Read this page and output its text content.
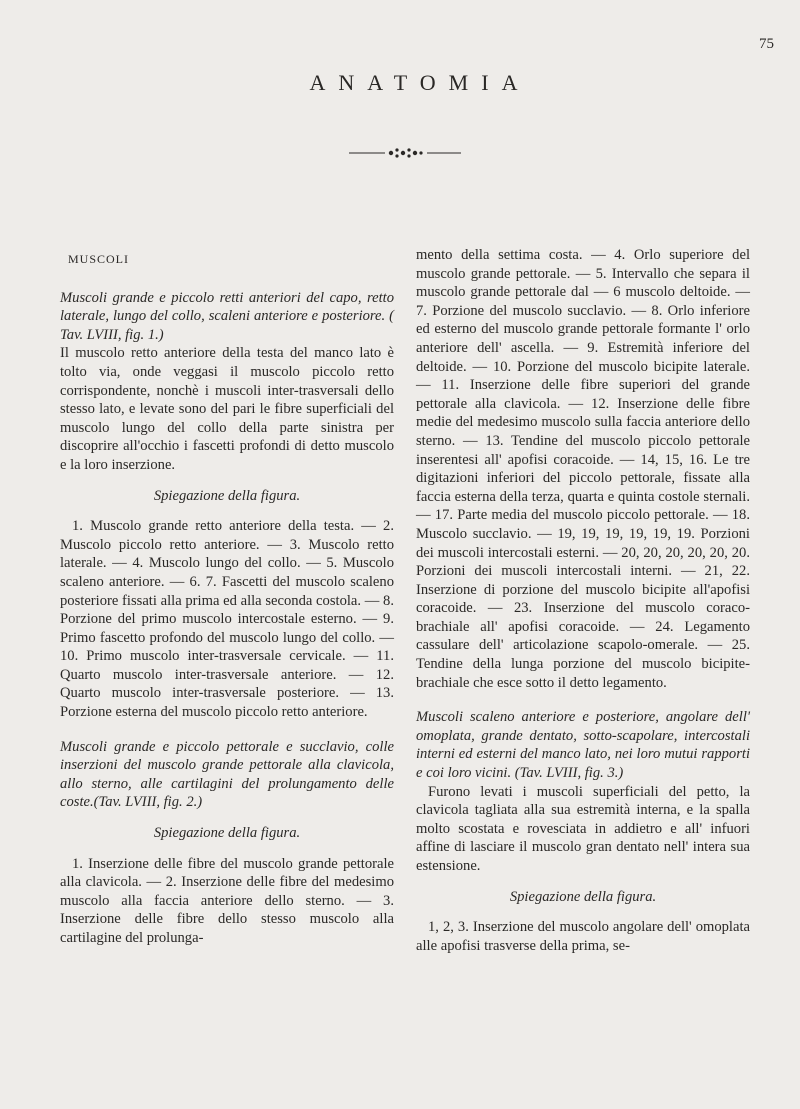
75
ANATOMIA

MUSCOLI

Muscoli grande e piccolo retti anteriori del capo, retto laterale, lungo del collo, scaleni anteriore e posteriore. ( Tav. LVIII, fig. 1.)

Il muscolo retto anteriore della testa del manco lato è tolto via, onde veggasi il muscolo piccolo retto corrispondente, nonchè i muscoli inter-trasversali dello stesso lato, e levate sono del pari le fibre superficiali del muscolo lungo del collo della parte sinistra per discoprire all'occhio i fascetti profondi di detto muscolo e la loro inserzione.

Spiegazione della figura.

1. Muscolo grande retto anteriore della testa. — 2. Muscolo piccolo retto anteriore. — 3. Muscolo retto laterale. — 4. Muscolo lungo del collo. — 5. Muscolo scaleno anteriore. — 6. 7. Fascetti del muscolo scaleno posteriore fissati alla prima ed alla seconda costola. — 8. Porzione del primo muscolo intercostale esterno. — 9. Primo fascetto profondo del muscolo lungo del collo. — 10. Primo muscolo inter-trasversale cervicale. — 11. Quarto muscolo inter-trasversale anteriore. — 12. Quarto muscolo inter-trasversale posteriore. — 13. Porzione esterna del muscolo piccolo retto anteriore.

Muscoli grande e piccolo pettorale e succlavio, colle inserzioni del muscolo grande pettorale alla clavicola, allo sterno, alle cartilagini del prolungamento delle coste.(Tav. LVIII, fig. 2.)

Spiegazione della figura.

1. Inserzione delle fibre del muscolo grande pettorale alla clavicola. — 2. Inserzione delle fibre del medesimo muscolo alla faccia anteriore dello sterno. — 3. Inserzione delle fibre dello stesso muscolo alla cartilagine del prolunga-

mento della settima costa. — 4. Orlo superiore del muscolo grande pettorale. — 5. Intervallo che separa il muscolo grande pettorale dal — 6 muscolo deltoide. — 7. Porzione del muscolo succlavio. — 8. Orlo inferiore ed esterno del muscolo grande pettorale formante l' orlo anteriore dell' ascella. — 9. Estremità inferiore del deltoide. — 10. Porzione del muscolo bicipite laterale. — 11. Inserzione delle fibre superiori del grande pettorale alla clavicola. — 12. Inserzione delle fibre medie del medesimo muscolo sulla faccia anteriore dello sterno. — 13. Tendine del muscolo piccolo pettorale inserentesi all' apofisi coracoide. — 14, 15, 16. Le tre digitazioni inferiori del piccolo pettorale, fissate alla faccia esterna della terza, quarta e quinta costole sternali. — 17. Parte media del muscolo piccolo pettorale. — 18. Muscolo succlavio. — 19, 19, 19, 19, 19, 19. Porzioni dei muscoli intercostali esterni. — 20, 20, 20, 20, 20, 20. Porzioni dei muscoli intercostali interni. — 21, 22. Inserzione di porzione del muscolo bicipite all'apofisi coracoide. — 23. Inserzione del muscolo coraco-brachiale all' apofisi coracoide. — 24. Legamento cassulare dell' articolazione scapolo-omerale. — 25. Tendine della lunga porzione del muscolo bicipite-brachiale che esce sotto il detto legamento.

Muscoli scaleno anteriore e posteriore, angolare dell' omoplata, grande dentato, sotto-scapolare, intercostali interni ed esterni del manco lato, nei loro mutui rapporti e coi loro vicini. (Tav. LVIII, fig. 3.)

Furono levati i muscoli superficiali del petto, la clavicola tagliata alla sua estremità interna, e la spalla molto scostata e rovesciata in addietro e all' infuori affine di lasciare il muscolo gran dentato nell' intera sua estensione.

Spiegazione della figura.

1, 2, 3. Inserzione del muscolo angolare dell' omoplata alle apofisi trasverse della prima, se-
